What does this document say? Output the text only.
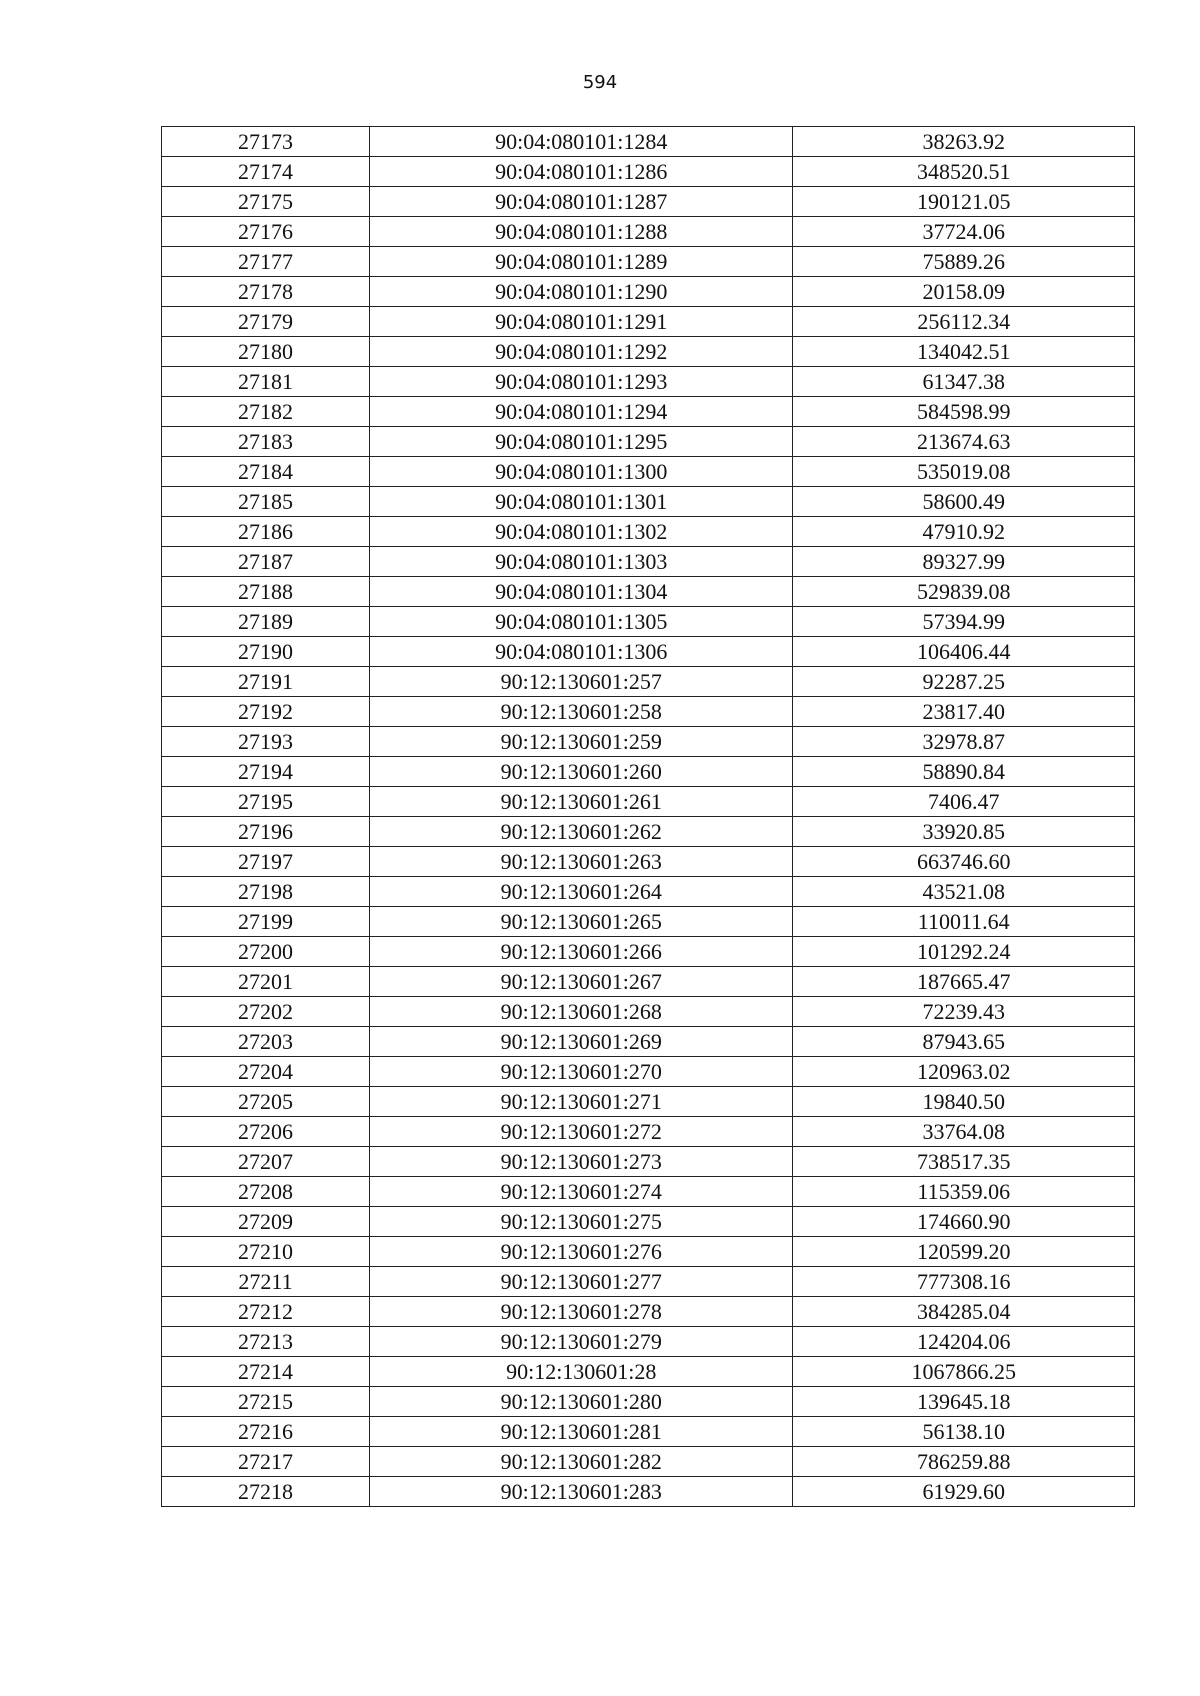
594
27173	90:04:080101:1284	38263.92
27174	90:04:080101:1286	348520.51
27175	90:04:080101:1287	190121.05
27176	90:04:080101:1288	37724.06
27177	90:04:080101:1289	75889.26
27178	90:04:080101:1290	20158.09
27179	90:04:080101:1291	256112.34
27180	90:04:080101:1292	134042.51
27181	90:04:080101:1293	61347.38
27182	90:04:080101:1294	584598.99
27183	90:04:080101:1295	213674.63
27184	90:04:080101:1300	535019.08
27185	90:04:080101:1301	58600.49
27186	90:04:080101:1302	47910.92
27187	90:04:080101:1303	89327.99
27188	90:04:080101:1304	529839.08
27189	90:04:080101:1305	57394.99
27190	90:04:080101:1306	106406.44
27191	90:12:130601:257	92287.25
27192	90:12:130601:258	23817.40
27193	90:12:130601:259	32978.87
27194	90:12:130601:260	58890.84
27195	90:12:130601:261	7406.47
27196	90:12:130601:262	33920.85
27197	90:12:130601:263	663746.60
27198	90:12:130601:264	43521.08
27199	90:12:130601:265	110011.64
27200	90:12:130601:266	101292.24
27201	90:12:130601:267	187665.47
27202	90:12:130601:268	72239.43
27203	90:12:130601:269	87943.65
27204	90:12:130601:270	120963.02
27205	90:12:130601:271	19840.50
27206	90:12:130601:272	33764.08
27207	90:12:130601:273	738517.35
27208	90:12:130601:274	115359.06
27209	90:12:130601:275	174660.90
27210	90:12:130601:276	120599.20
27211	90:12:130601:277	777308.16
27212	90:12:130601:278	384285.04
27213	90:12:130601:279	124204.06
27214	90:12:130601:28	1067866.25
27215	90:12:130601:280	139645.18
27216	90:12:130601:281	56138.10
27217	90:12:130601:282	786259.88
27218	90:12:130601:283	61929.60
